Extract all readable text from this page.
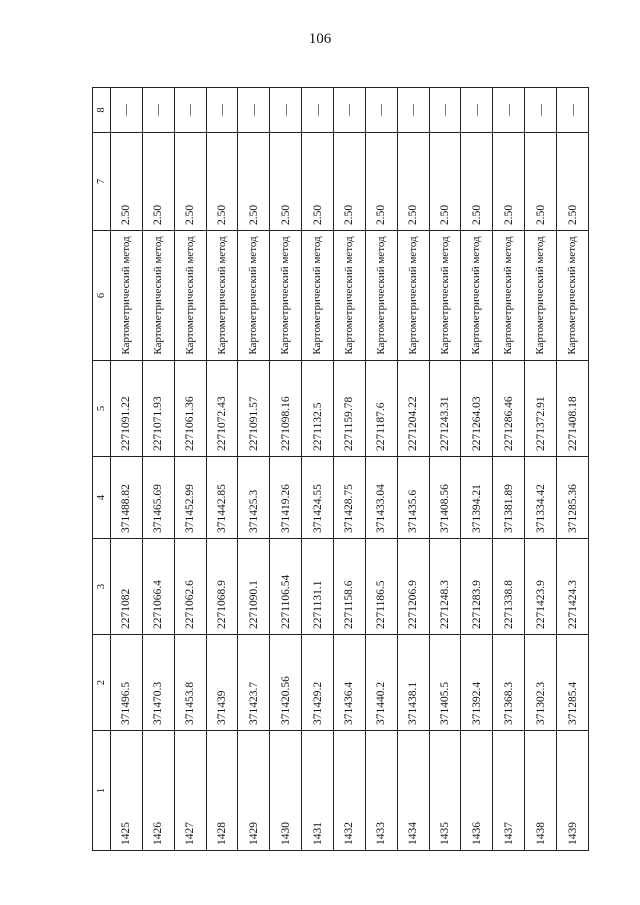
106
1	2	3	4	5	6	7	8
1425	371496.5	2271082	371488.82	2271091.22	Картометрический метод	2.50	—
1426	371470.3	2271066.4	371465.69	2271071.93	Картометрический метод	2.50	—
1427	371453.8	2271062.6	371452.99	2271061.36	Картометрический метод	2.50	—
1428	371439	2271068.9	371442.85	2271072.43	Картометрический метод	2.50	—
1429	371423.7	2271090.1	371425.3	2271091.57	Картометрический метод	2.50	—
1430	371420.56	2271106.54	371419.26	2271098.16	Картометрический метод	2.50	—
1431	371429.2	2271131.1	371424.55	2271132.5	Картометрический метод	2.50	—
1432	371436.4	2271158.6	371428.75	2271159.78	Картометрический метод	2.50	—
1433	371440.2	2271186.5	371433.04	2271187.6	Картометрический метод	2.50	—
1434	371438.1	2271206.9	371435.6	2271204.22	Картометрический метод	2.50	—
1435	371405.5	2271248.3	371408.56	2271243.31	Картометрический метод	2.50	—
1436	371392.4	2271283.9	371394.21	2271264.03	Картометрический метод	2.50	—
1437	371368.3	2271338.8	371381.89	2271286.46	Картометрический метод	2.50	—
1438	371302.3	2271423.9	371334.42	2271372.91	Картометрический метод	2.50	—
1439	371285.4	2271424.3	371285.36	2271408.18	Картометрический метод	2.50	—
